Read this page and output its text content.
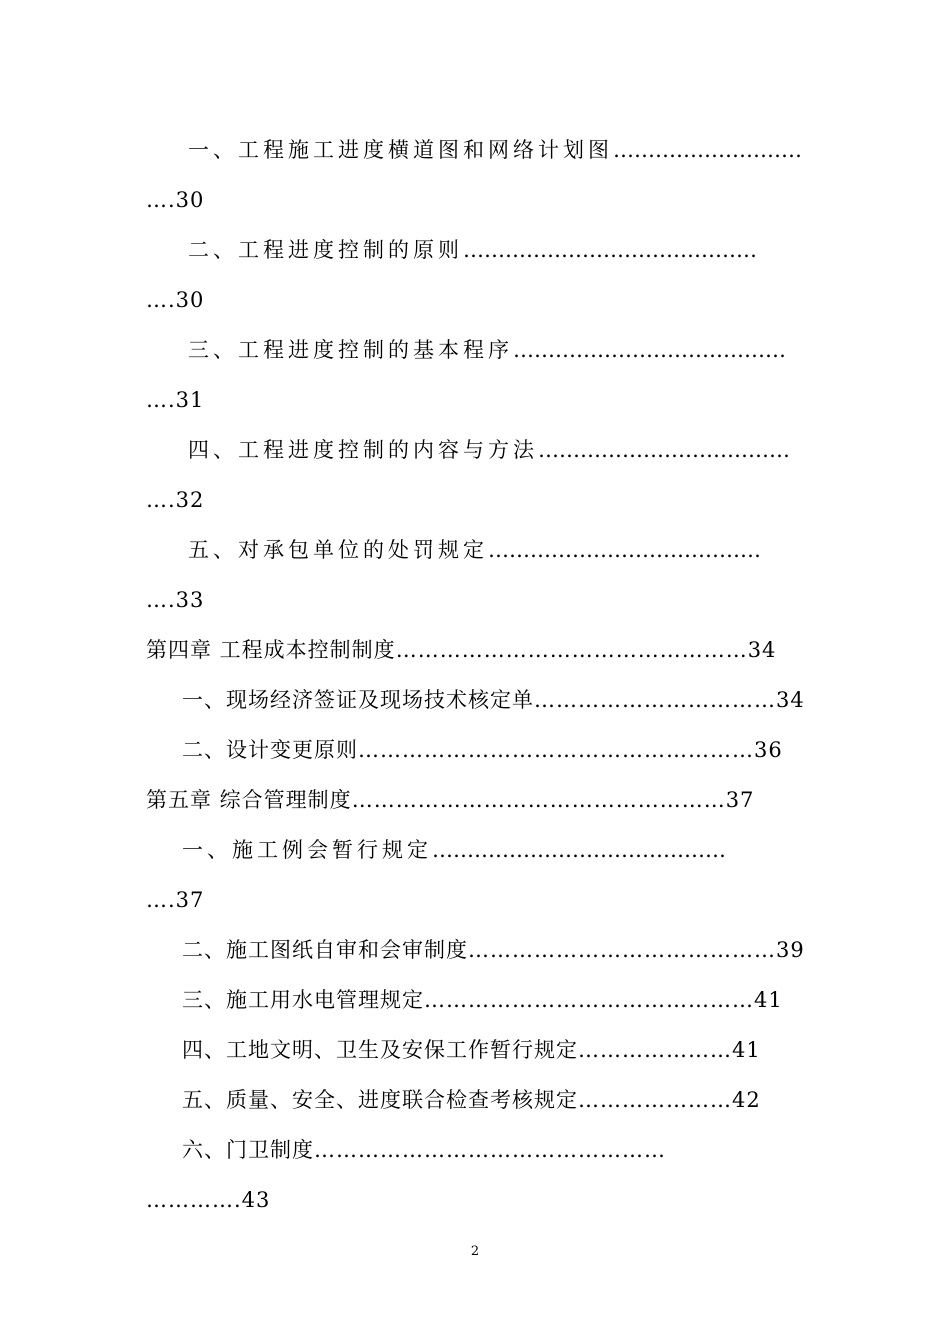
一、工程施工进度横道图和网络计划图………………………
….30
二、工程进度控制的原则……………………………………
….30
三、工程进度控制的基本程序…………………………………
….31
四、工程进度控制的内容与方法………………………………
….32
五、对承包单位的处罚规定…………………………………
….33
第四章 工程成本控制制度…………………………………………34
一、现场经济签证及现场技术核定单……………………………34
二、设计变更原则………………………………………………36
第五章 综合管理制度……………………………………………37
一、施工例会暂行规定……………………………………
….37
二、施工图纸自审和会审制度……………………………………39
三、施工用水电管理规定………………………………………41
四、工地文明、卫生及安保工作暂行规定…………………41
五、质量、安全、进度联合检查考核规定…………………42
六、门卫制度…………………………………………
………….43
2
